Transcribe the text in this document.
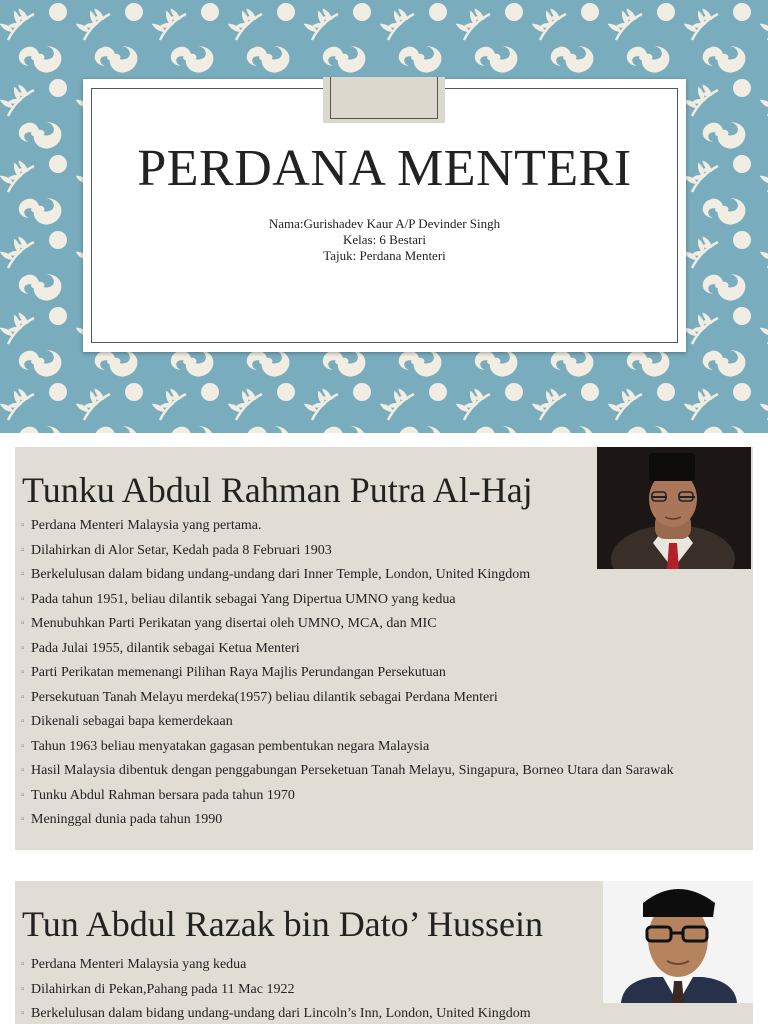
PERDANA MENTERI
Nama:Gurishadev Kaur A/P Devinder Singh
Kelas: 6 Bestari
Tajuk: Perdana Menteri
Tunku Abdul Rahman Putra Al-Haj
▫ Perdana Menteri Malaysia yang pertama.
▫ Dilahirkan di Alor Setar, Kedah pada 8 Februari 1903
▫ Berkelulusan dalam bidang undang-undang dari Inner Temple, London, United Kingdom
▫ Pada tahun 1951, beliau dilantik sebagai Yang Dipertua UMNO yang kedua
▫ Menubuhkan Parti Perikatan yang disertai oleh UMNO, MCA, dan MIC
▫ Pada Julai 1955, dilantik sebagai Ketua Menteri
▫ Parti Perikatan memenangi Pilihan Raya Majlis Perundangan Persekutuan
▫ Persekutuan Tanah Melayu merdeka(1957) beliau dilantik sebagai Perdana Menteri
▫ Dikenali sebagai bapa kemerdekaan
▫ Tahun 1963 beliau menyatakan gagasan pembentukan negara Malaysia
▫ Hasil Malaysia dibentuk dengan penggabungan Perseketuan Tanah Melayu, Singapura, Borneo Utara dan Sarawak
▫ Tunku Abdul Rahman bersara pada tahun 1970
▫ Meninggal dunia pada tahun 1990
Tun Abdul Razak bin Dato’ Hussein
▫ Perdana Menteri Malaysia yang kedua
▫ Dilahirkan di Pekan,Pahang pada 11 Mac 1922
▫ Berkelulusan dalam bidang undang-undang dari Lincoln’s Inn, London, United Kingdom
